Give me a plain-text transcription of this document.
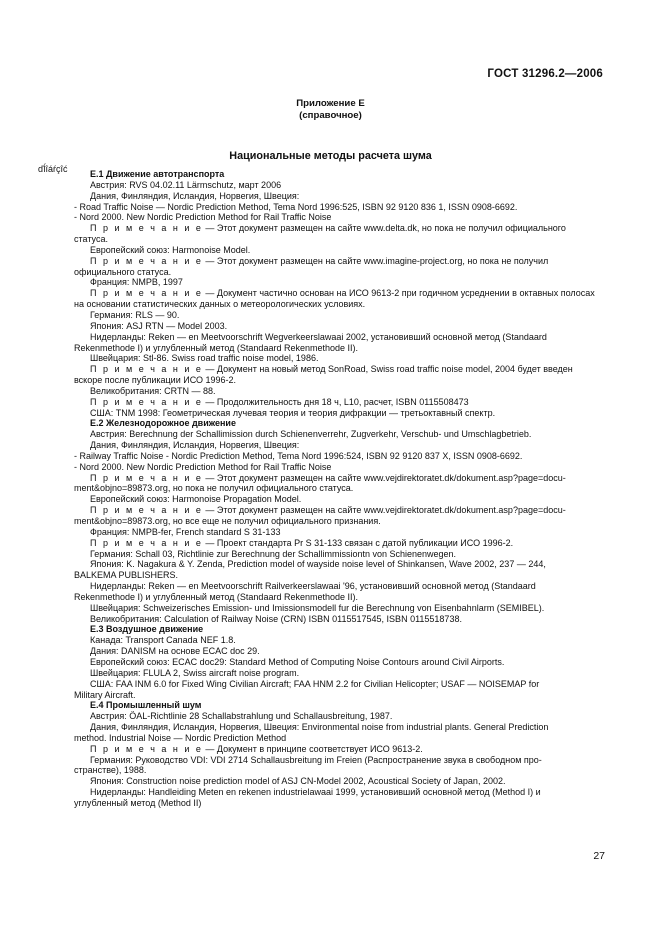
ГОСТ 31296.2—2006
Приложение Е
(справочное)
Национальные методы расчета шума
ďĺîáŕçîć	Е.1 Движение автотранспорта

Австрия: RVS 04.02.11 Lärmschutz, март 2006

Дания, Финляндия, Исландия, Норвегия, Швеция:

- Road Traffic Noise — Nordic Prediction Method, Tema Nord 1996:525, ISBN 92 9120 836 1, ISSN 0908-6692.

- Nord 2000. New Nordic Prediction Method for Rail Traffic Noise

П р и м е ч а н и е — Этот документ размещен на сайте www.delta.dk, но пока не получил официального

статуса.

Европейский союз: Harmonoise Model.

П р и м е ч а н и е — Этот документ размещен на сайте www.imagine-project.org, но пока не получил

официального статуса.

Франция: NMPB, 1997

П р и м е ч а н и е — Документ частично основан на ИСО 9613-2 при годичном усреднении в октавных полосах

на основании статистических данных о метеорологических условиях.

Германия: RLS — 90.

Япония: ASJ RTN — Model 2003.

Нидерланды: Reken — en Meetvoorschrift Wegverkeerslawaai 2002, установивший основной метод (Standaard

Rekenmethode I) и углубленный метод (Standaard Rekenmethode II).

Швейцария: Stl-86. Swiss road traffic noise model, 1986.

П р и м е ч а н и е — Документ на новый метод SonRoad, Swiss road traffic noise model, 2004 будет введен

вскоре после публикации ИСО 1996-2.

Великобритания: CRTN — 88.

П р и м е ч а н и е — Продолжительность дня 18 ч, L10, расчет, ISBN 0115508473

США: TNM 1998: Геометрическая лучевая теория и теория дифракции — третьоктавный спектр.

Е.2 Железнодорожное движение

Австрия: Berechnung der Schallimission durch Schienenverrehr, Zugverkehr, Verschub- und Umschlagbetrieb.

Дания, Финляндия, Исландия, Норвегия, Швеция:

- Railway Traffic Noise - Nordic Prediction Method, Tema Nord 1996:524, ISBN 92 9120 837 X, ISSN 0908-6692.

- Nord 2000. New Nordic Prediction Method for Rail Traffic Noise

П р и м е ч а н и е — Этот документ размещен на сайте www.vejdirektoratet.dk/dokument.asp?page=docu-

ment&objno=89873.org, но пока не получил официального статуса.

Европейский союз: Harmonoise Propagation Model.

П р и м е ч а н и е — Этот документ размещен на сайте www.vejdirektoratet.dk/dokument.asp?page=docu-

ment&objno=89873.org, но все еще не получил официального признания.

Франция: NMPB-fer, French standard S 31-133

П р и м е ч а н и е — Проект стандарта Pr S 31-133 связан с датой публикации ИСО 1996-2.

Германия: Schall 03, Richtlinie zur Berechnung der Schallimmissiontn von Schienenwegen.

Япония: K. Nagakura & Y. Zenda, Prediction model of wayside noise level of Shinkansen, Wave 2002, 237 — 244,

BALKEMA PUBLISHERS.

Нидерланды: Reken — en Meetvoorschrift Railverkeerslawaai '96, установивший основной метод (Standaard

Rekenmethode I) и углубленный метод (Standaard Rekenmethode II).

Швейцария: Schweizerisches Emission- und Imissionsmodell fur die Berechnung von Eisenbahnlarm (SEMIBEL).

Великобритания: Calculation of Railway Noise (CRN) ISBN 0115517545, ISBN 0115518738.

Е.3 Воздушное движение

Канада: Transport Canada NEF 1.8.

Дания: DANISM на основе ECAC doc 29.

Европейский союз: ECAC doc29: Standard Method of Computing Noise Contours around Civil Airports.

Швейцария: FLULA 2, Swiss aircraft noise program.

США: FAA INM 6.0 for Fixed Wing Civilian Aircraft; FAA HNM 2.2 for Civilian Helicopter; USAF — NOISEMAP for

Military Aircraft.

Е.4 Промышленный шум

Австрия: ÖAL-Richtlinie 28 Schallabstrahlung und Schallausbreitung, 1987.

Дания, Финляндия, Исландия, Норвегия, Швеция: Environmental noise from industrial plants. General Prediction

method. Industrial Noise — Nordic Prediction Method

П р и м е ч а н и е — Документ в принципе соответствует ИСО 9613-2.

Германия: Руководство VDI: VDI 2714 Schallausbreitung im Freien (Распространение звука в свободном про-

странстве), 1988.

Япония: Construction noise prediction model of ASJ CN-Model 2002, Acoustical Society of Japan, 2002.

Нидерланды: Handleiding Meten en rekenen industrielawaai 1999, установивший основной метод (Method I) и

углубленный метод (Method II)

27
